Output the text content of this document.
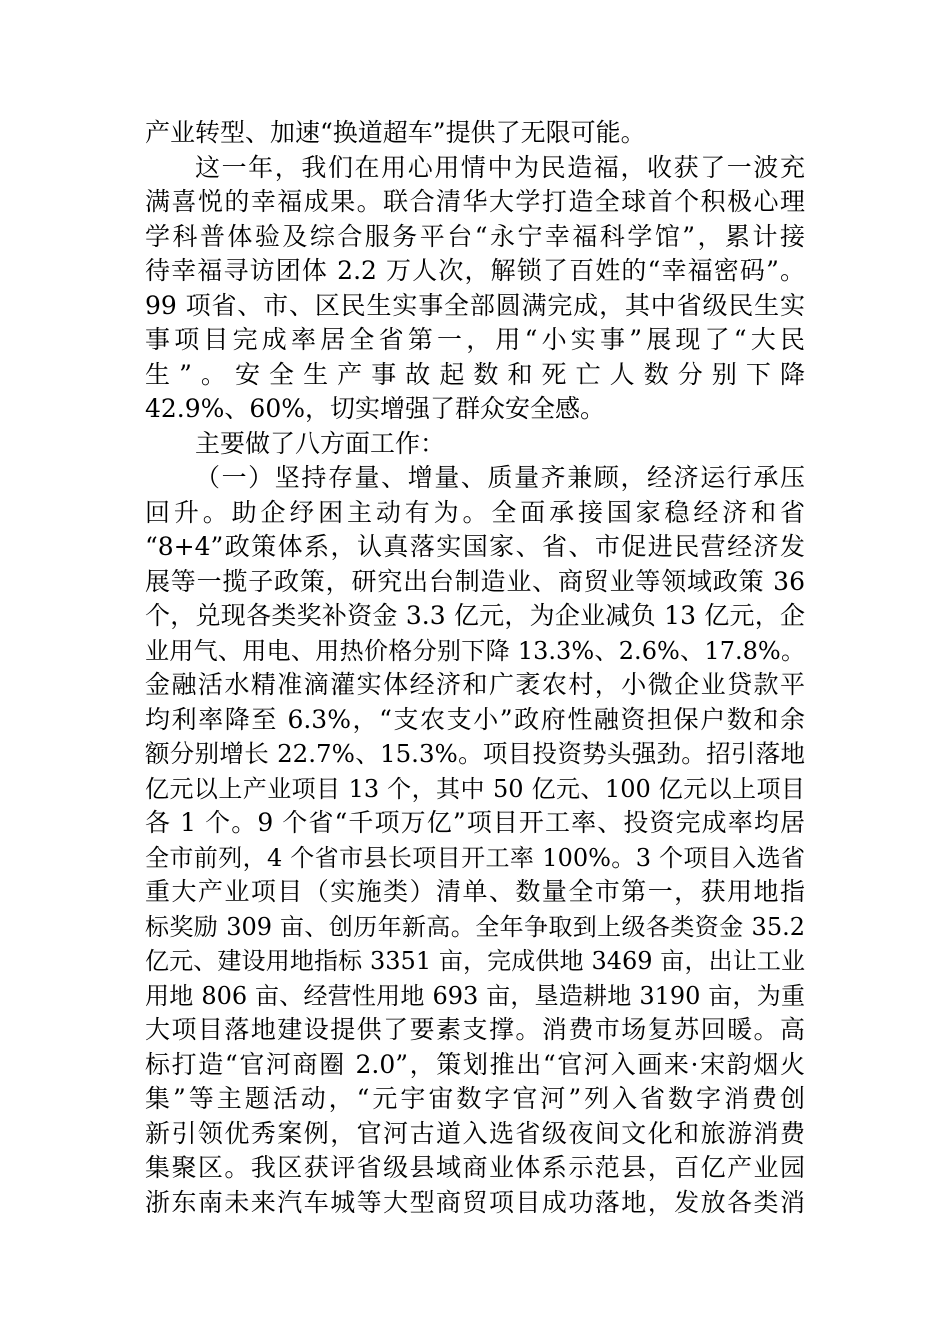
产业转型、加速“换道超车”提供了无限可能。
这一年，我们在用心用情中为民造福，收获了一波充
满喜悦的幸福成果。联合清华大学打造全球首个积极心理
学科普体验及综合服务平台“永宁幸福科学馆”，累计接
待幸福寻访团体 2.2 万人次，解锁了百姓的“幸福密码”。
99 项省、市、区民生实事全部圆满完成，其中省级民生实
事项目完成率居全省第一，用“小实事”展现了“大民
生”。安全生产事故起数和死亡人数分别下降
42.9%、60%，切实增强了群众安全感。
主要做了八方面工作：
（一）坚持存量、增量、质量齐兼顾，经济运行承压
回升。助企纾困主动有为。全面承接国家稳经济和省
“8+4”政策体系，认真落实国家、省、市促进民营经济发
展等一揽子政策，研究出台制造业、商贸业等领域政策 36
个，兑现各类奖补资金 3.3 亿元，为企业减负 13 亿元，企
业用气、用电、用热价格分别下降 13.3%、2.6%、17.8%。
金融活水精准滴灌实体经济和广袤农村，小微企业贷款平
均利率降至 6.3%，“支农支小”政府性融资担保户数和余
额分别增长 22.7%、15.3%。项目投资势头强劲。招引落地
亿元以上产业项目 13 个，其中 50 亿元、100 亿元以上项目
各 1 个。9 个省“千项万亿”项目开工率、投资完成率均居
全市前列，4 个省市县长项目开工率 100%。3 个项目入选省
重大产业项目（实施类）清单、数量全市第一，获用地指
标奖励 309 亩、创历年新高。全年争取到上级各类资金 35.2
亿元、建设用地指标 3351 亩，完成供地 3469 亩，出让工业
用地 806 亩、经营性用地 693 亩，垦造耕地 3190 亩，为重
大项目落地建设提供了要素支撑。消费市场复苏回暖。高
标打造“官河商圈 2.0”，策划推出“官河入画来·宋韵烟火
集”等主题活动，“元宇宙数字官河”列入省数字消费创
新引领优秀案例，官河古道入选省级夜间文化和旅游消费
集聚区。我区获评省级县域商业体系示范县，百亿产业园
浙东南未来汽车城等大型商贸项目成功落地，发放各类消
